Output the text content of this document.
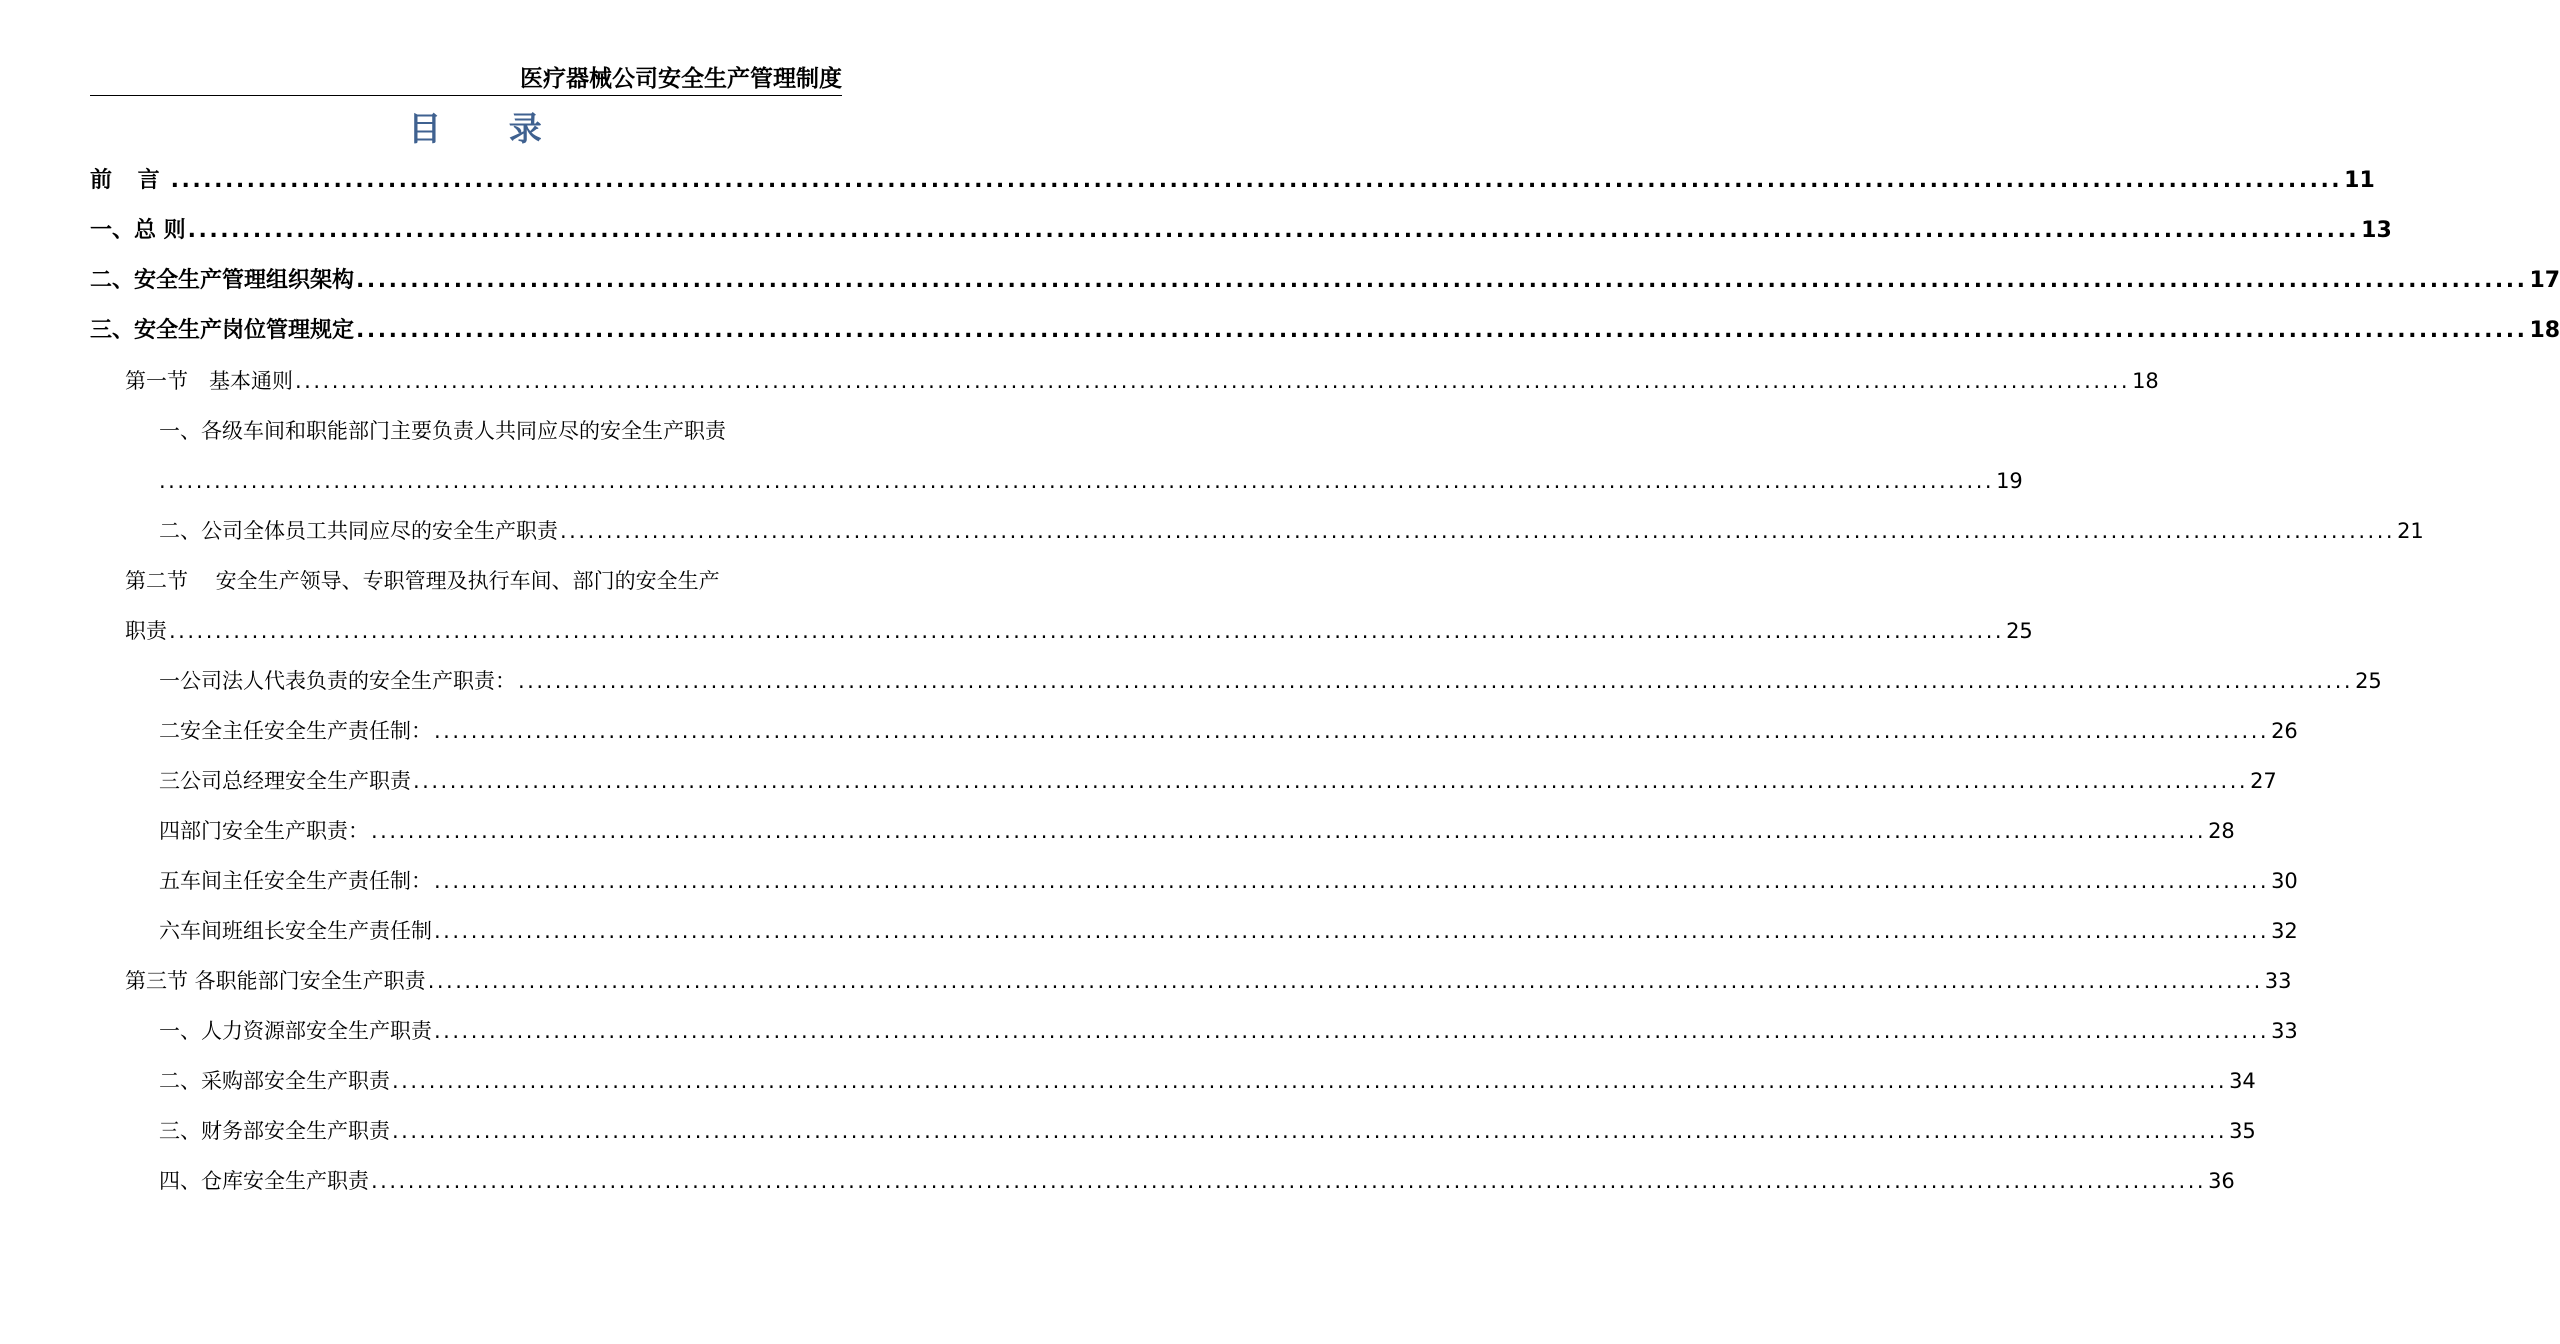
医疗器械公司安全生产管理制度
目 录
前 言 ........................................................................................................................................................................................................ 11
一、总 则 ........................................................................................................................................................................................................ 13
二、安全生产管理组织架构 ........................................................................................................................................................................................................ 17
三、安全生产岗位管理规定 ........................................................................................................................................................................................................ 18
第一节　基本通则 ........................................................................................................................................................................................................ 18
一、各级车间和职能部门主要负责人共同应尽的安全生产职责
........................................................................................................................................................................................................ 19
二、公司全体员工共同应尽的安全生产职责 ........................................................................................................................................................................................................ 21
第二节　 安全生产领导、专职管理及执行车间、部门的安全生产
职责 ........................................................................................................................................................................................................ 25
一公司法人代表负责的安全生产职责： ........................................................................................................................................................................................................ 25
二安全主任安全生产责任制： ........................................................................................................................................................................................................ 26
三公司总经理安全生产职责 ........................................................................................................................................................................................................ 27
四部门安全生产职责： ........................................................................................................................................................................................................ 28
五车间主任安全生产责任制： ........................................................................................................................................................................................................ 30
六车间班组长安全生产责任制 ........................................................................................................................................................................................................ 32
第三节 各职能部门安全生产职责 ........................................................................................................................................................................................................ 33
一、人力资源部安全生产职责 ........................................................................................................................................................................................................ 33
二、采购部安全生产职责 ........................................................................................................................................................................................................ 34
三、财务部安全生产职责 ........................................................................................................................................................................................................ 35
四、仓库安全生产职责 ........................................................................................................................................................................................................ 36
